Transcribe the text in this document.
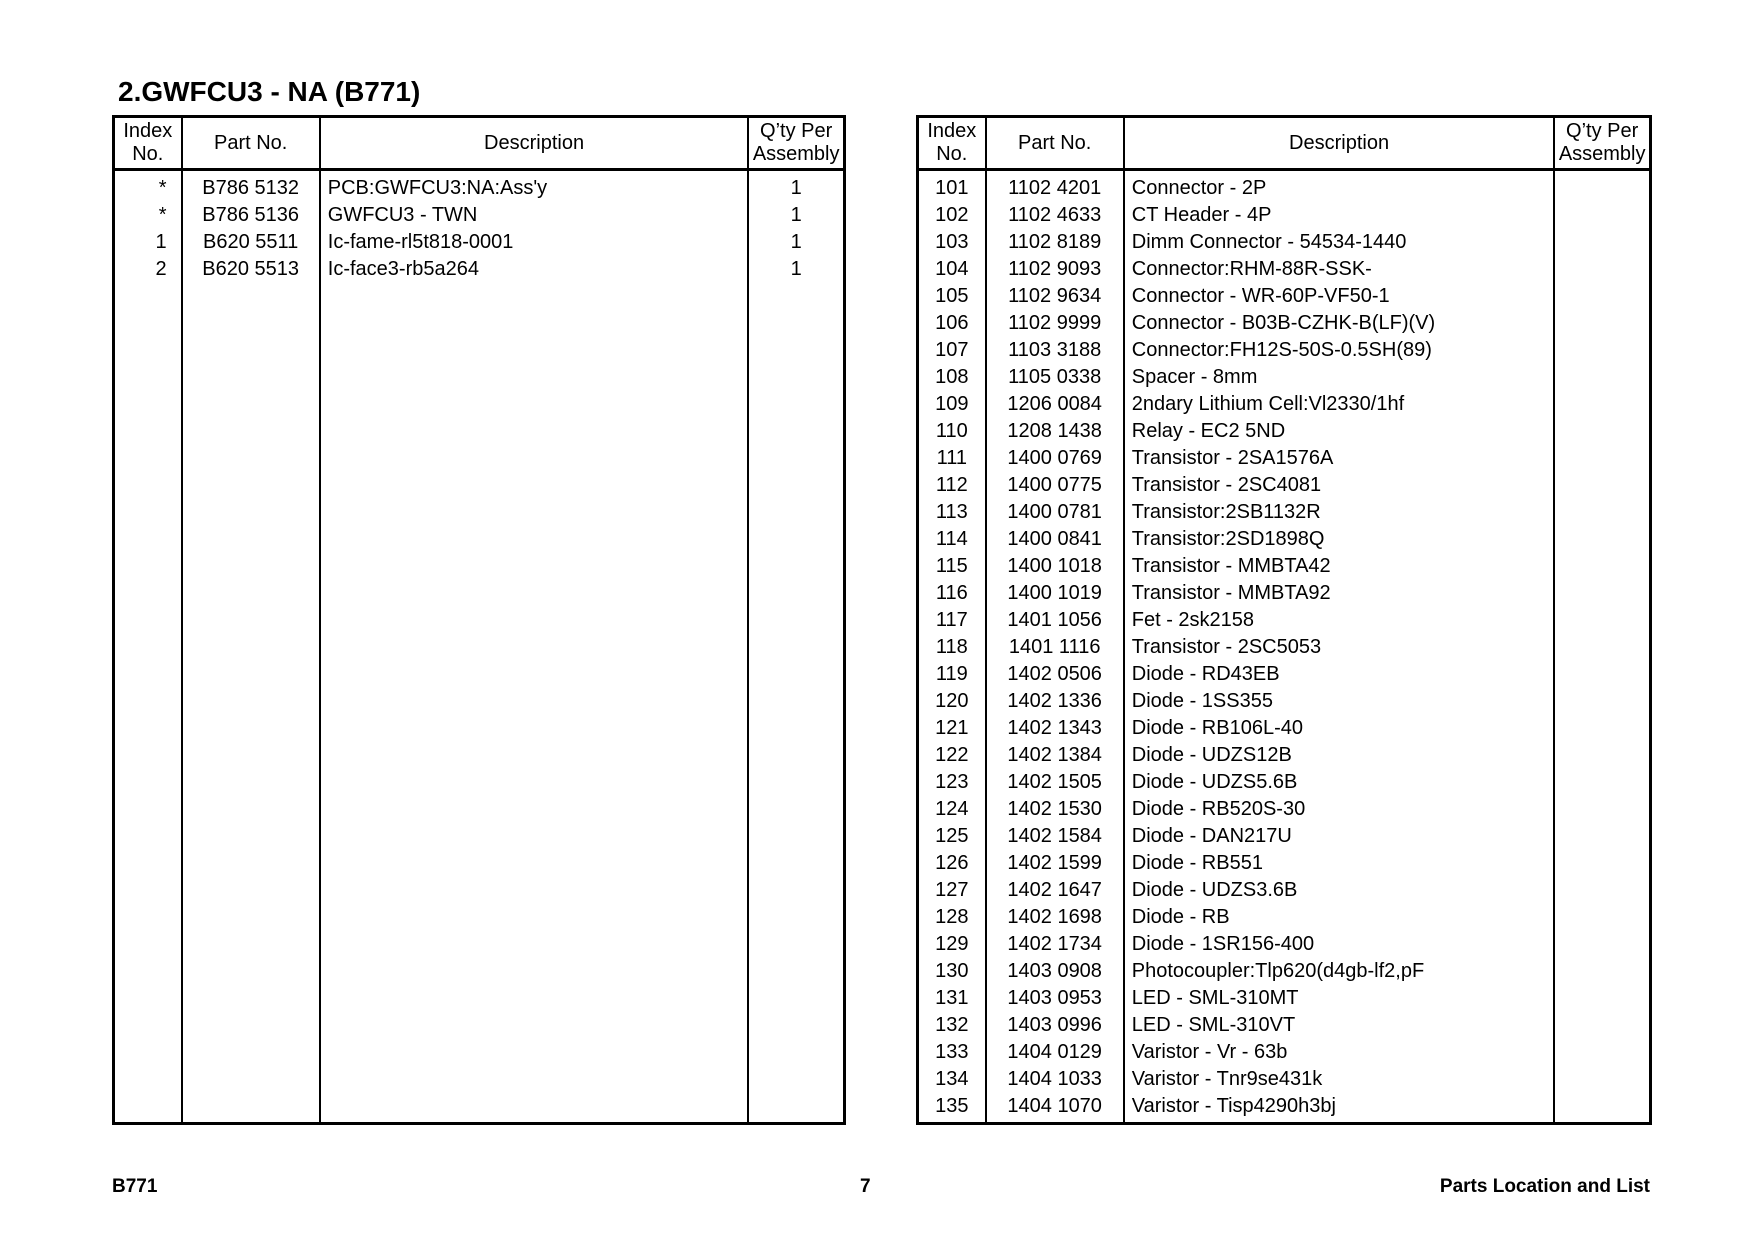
2.GWFCU3 - NA (B771)
Index
No.	Part No.	Description	Q’ty Per
Assembly
*	B786 5132	PCB:GWFCU3:NA:Ass'y	1
*	B786 5136	GWFCU3 - TWN	1
1	B620 5511	Ic-fame-rl5t818-0001	1
2	B620 5513	Ic-face3-rb5a264	1

Index
No.	Part No.	Description	Q’ty Per
Assembly
101	1102 4201	Connector - 2P	
102	1102 4633	CT Header - 4P	
103	1102 8189	Dimm Connector - 54534-1440	
104	1102 9093	Connector:RHM-88R-SSK-	
105	1102 9634	Connector - WR-60P-VF50-1	
106	1102 9999	Connector - B03B-CZHK-B(LF)(V)	
107	1103 3188	Connector:FH12S-50S-0.5SH(89)	
108	1105 0338	Spacer - 8mm	
109	1206 0084	2ndary Lithium Cell:Vl2330/1hf	
110	1208 1438	Relay - EC2 5ND	
111	1400 0769	Transistor - 2SA1576A	
112	1400 0775	Transistor - 2SC4081	
113	1400 0781	Transistor:2SB1132R	
114	1400 0841	Transistor:2SD1898Q	
115	1400 1018	Transistor - MMBTA42	
116	1400 1019	Transistor - MMBTA92	
117	1401 1056	Fet - 2sk2158	
118	1401 1116	Transistor - 2SC5053	
119	1402 0506	Diode - RD43EB	
120	1402 1336	Diode - 1SS355	
121	1402 1343	Diode - RB106L-40	
122	1402 1384	Diode - UDZS12B	
123	1402 1505	Diode - UDZS5.6B	
124	1402 1530	Diode - RB520S-30	
125	1402 1584	Diode - DAN217U	
126	1402 1599	Diode - RB551	
127	1402 1647	Diode - UDZS3.6B	
128	1402 1698	Diode - RB	
129	1402 1734	Diode - 1SR156-400	
130	1403 0908	Photocoupler:Tlp620(d4gb-lf2,pF	
131	1403 0953	LED - SML-310MT	
132	1403 0996	LED - SML-310VT	
133	1404 0129	Varistor - Vr - 63b	
134	1404 1033	Varistor - Tnr9se431k	
135	1404 1070	Varistor - Tisp4290h3bj	

B771	7	Parts Location and List
